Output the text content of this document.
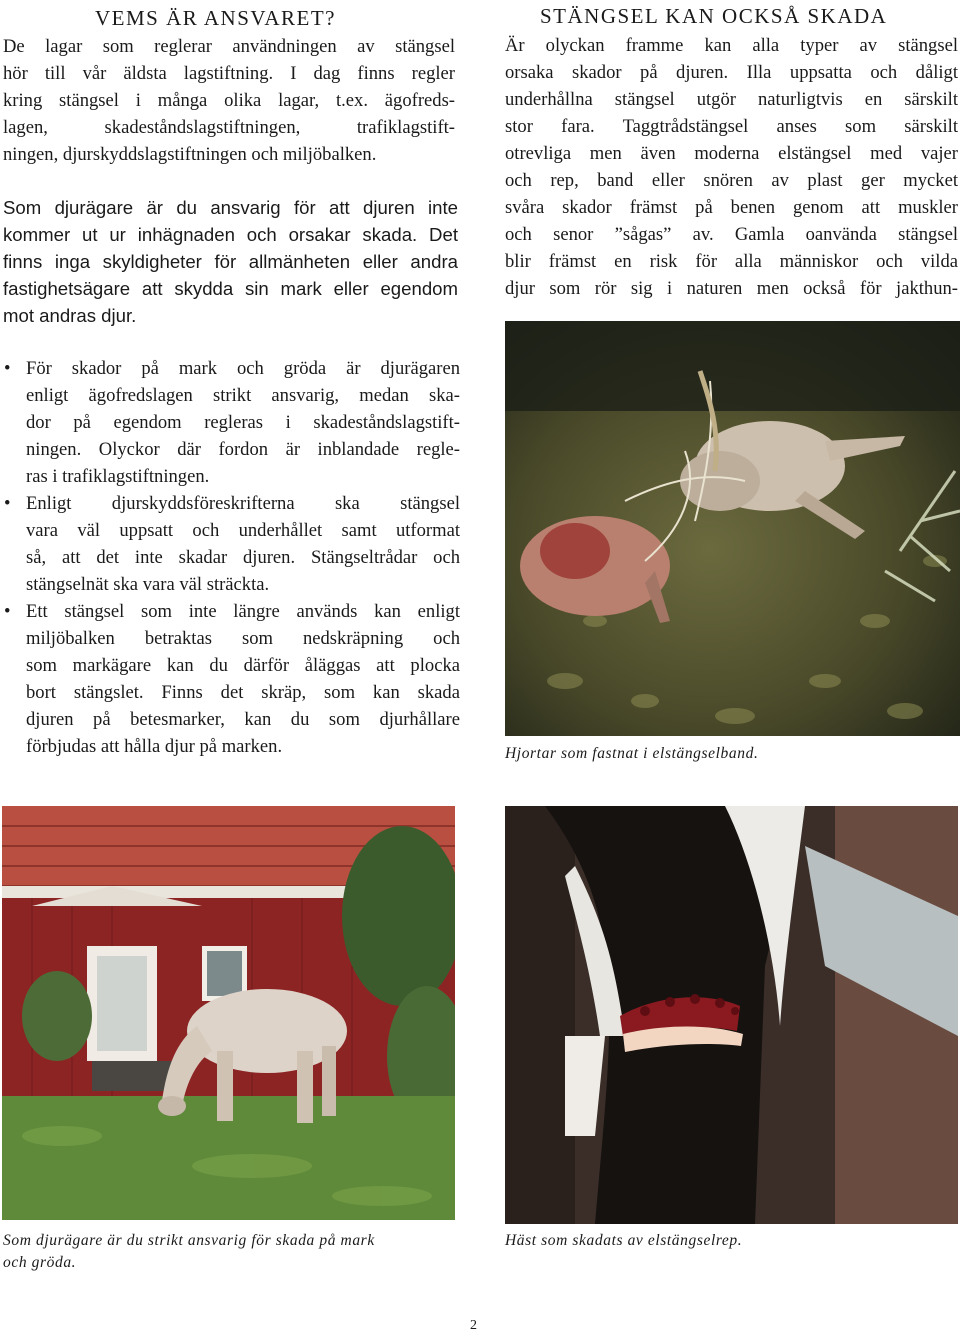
VEMS ÄR ANSVARET?

De lagar som reglerar användningen av stängsel
hör till vår äldsta lagstiftning. I dag finns regler
kring stängsel i många olika lagar, t.ex. ägofreds-
lagen, skadeståndslagstiftningen, trafiklagstift-
ningen, djurskyddslagstiftningen och miljöbalken.

Som djurägare är du ansvarig för att djuren inte
kommer ut ur inhägnaden och orsakar skada. Det
finns inga skyldigheter för allmänheten eller andra
fastighetsägare att skydda sin mark eller egendom
mot andras djur.

• För skador på mark och gröda är djurägaren
enligt ägofredslagen strikt ansvarig, medan ska-
dor på egendom regleras i skadeståndslagstift-
ningen. Olyckor där fordon är inblandade regle-
ras i trafiklagstiftningen.
• Enligt djurskyddsföreskrifterna ska stängsel
vara väl uppsatt och underhållet samt utformat
så, att det inte skadar djuren. Stängseltrådar och
stängselnät ska vara väl sträckta.
• Ett stängsel som inte längre används kan enligt
miljöbalken betraktas som nedskräpning och
som markägare kan du därför åläggas att plocka
bort stängslet. Finns det skräp, som kan skada
djuren på betesmarker, kan du som djurhållare
förbjudas att hålla djur på marken.
STÄNGSEL KAN OCKSÅ SKADA

Är olyckan framme kan alla typer av stängsel
orsaka skador på djuren. Illa uppsatta och dåligt
underhållna stängsel utgör naturligtvis en särskilt
stor fara. Taggtrådstängsel anses som särskilt
otrevliga men även moderna elstängsel med vajer
och rep, band eller snören av plast ger mycket
svåra skador främst på benen genom att muskler
och senor ”sågas” av. Gamla oanvända stängsel
blir främst en risk för alla människor och vilda
djur som rör sig i naturen men också för jakthun-

Hjortar som fastnat i elstängselband.

Som djurägare är du strikt ansvarig för skada på mark
och gröda.

Häst som skadats av elstängselrep.

2
